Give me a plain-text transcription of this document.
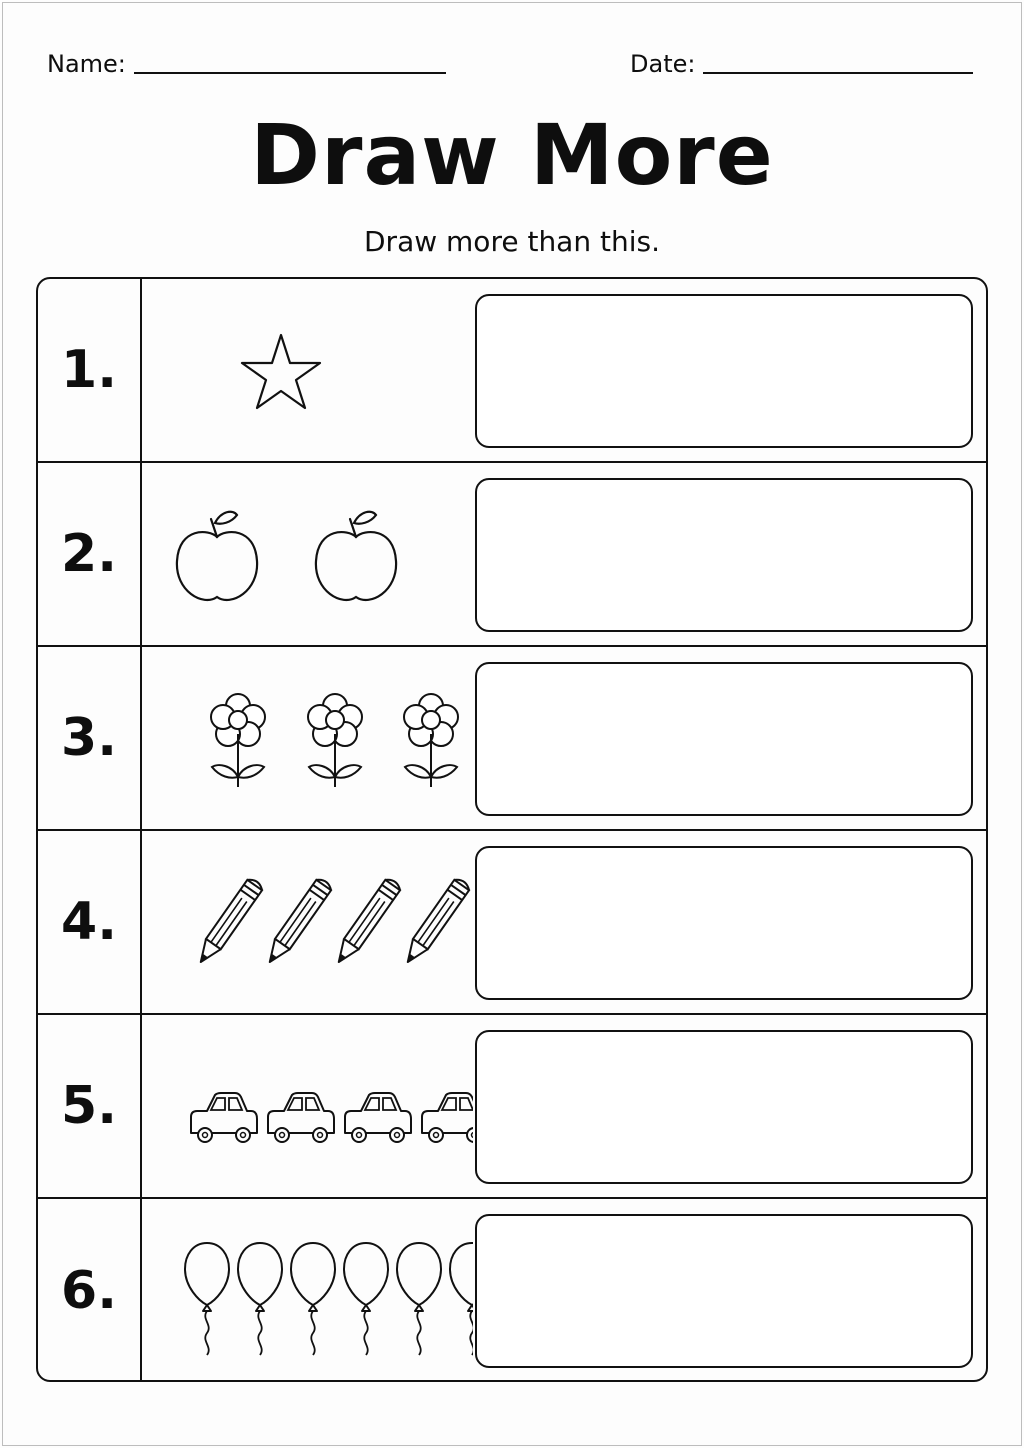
Name:	Date:
Draw More
Draw more than this.
1.
2.
3.
4.
5.
6.
